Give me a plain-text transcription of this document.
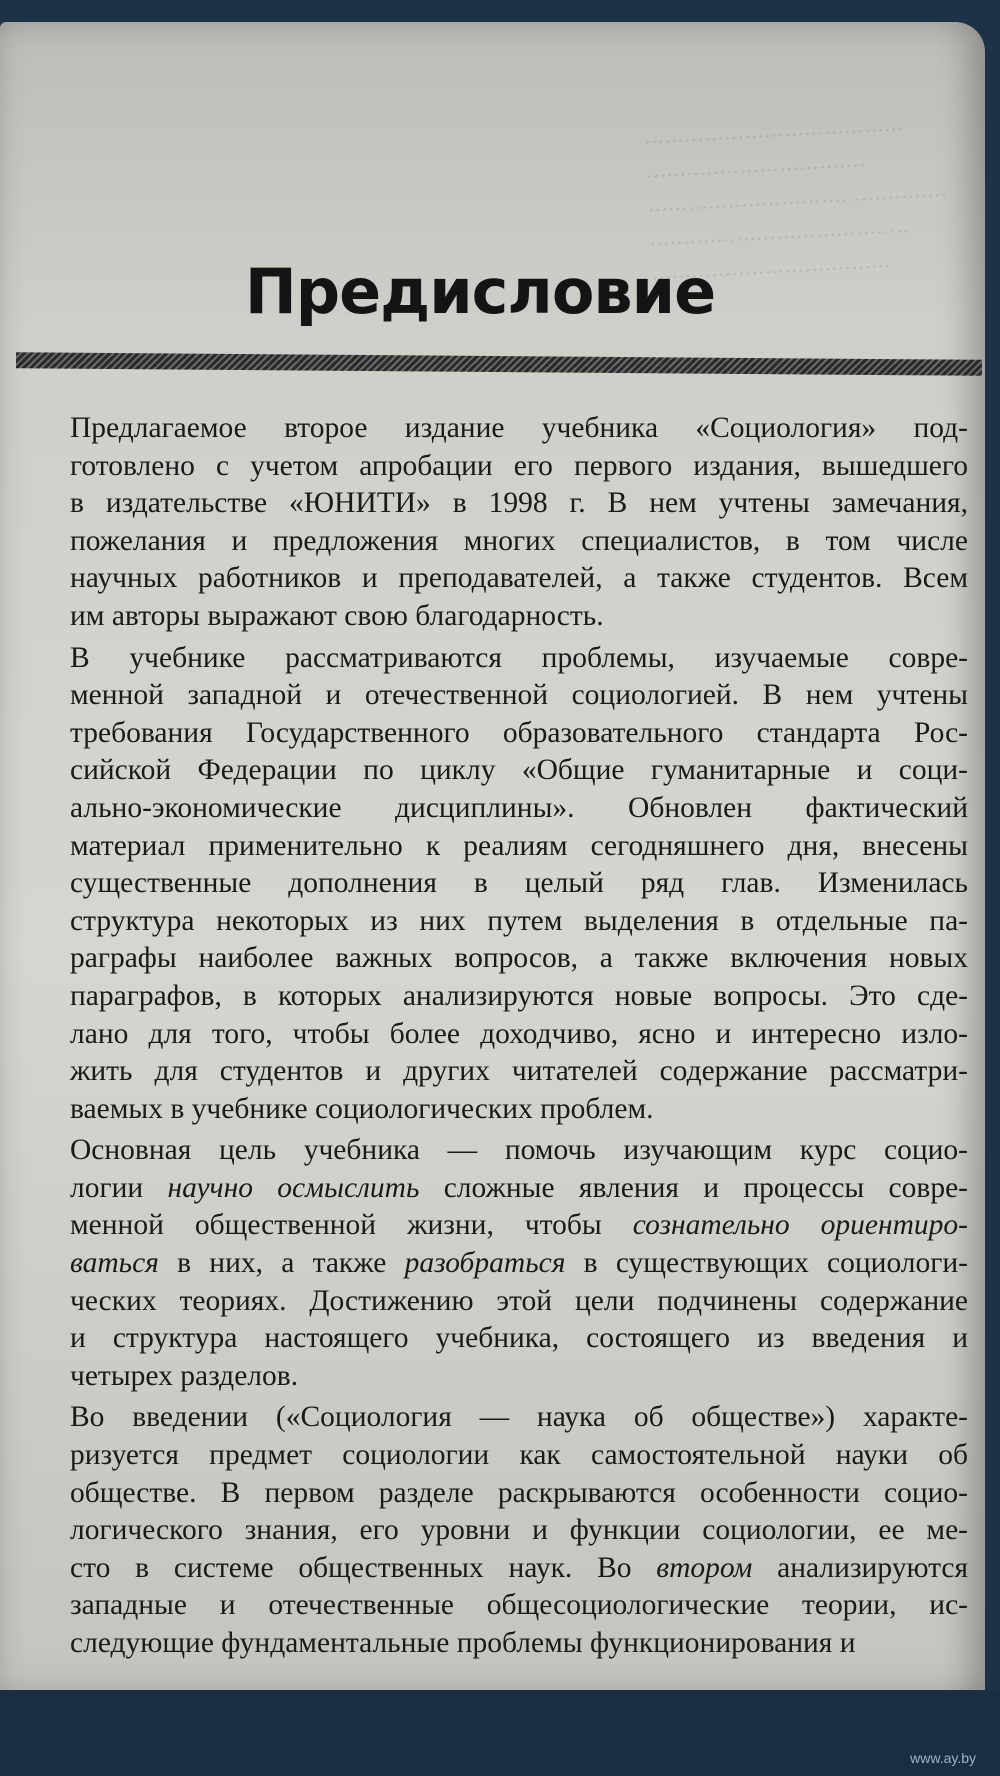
…………………………………
……………………………
………………………………………
…………………………………
………………………………
Предисловие

Предлагаемое второе издание учебника «Социология» под-
готовлено с учетом апробации его первого издания, вышедшего
в издательстве «ЮНИТИ» в 1998 г. В нем учтены замечания,
пожелания и предложения многих специалистов, в том числе
научных работников и преподавателей, а также студентов. Всем
им авторы выражают свою благодарность.

В учебнике рассматриваются проблемы, изучаемые совре-
менной западной и отечественной социологией. В нем учтены
требования Государственного образовательного стандарта Рос-
сийской Федерации по циклу «Общие гуманитарные и соци-
ально-экономические дисциплины». Обновлен фактический
материал применительно к реалиям сегодняшнего дня, внесены
существенные дополнения в целый ряд глав. Изменилась
структура некоторых из них путем выделения в отдельные па-
раграфы наиболее важных вопросов, а также включения новых
параграфов, в которых анализируются новые вопросы. Это сде-
лано для того, чтобы более доходчиво, ясно и интересно изло-
жить для студентов и других читателей содержание рассматри-
ваемых в учебнике социологических проблем.

Основная цель учебника — помочь изучающим курс социо-
логии научно осмыслить сложные явления и процессы совре-
менной общественной жизни, чтобы сознательно ориентиро-
ваться в них, а также разобраться в существующих социологи-
ческих теориях. Достижению этой цели подчинены содержание
и структура настоящего учебника, состоящего из введения и
четырех разделов.

Во введении («Социология — наука об обществе») характе-
ризуется предмет социологии как самостоятельной науки об
обществе. В первом разделе раскрываются особенности социо-
логического знания, его уровни и функции социологии, ее ме-
сто в системе общественных наук. Во втором анализируются
западные и отечественные общесоциологические теории, ис-
следующие фундаментальные проблемы функционирования и

www.ay.by
